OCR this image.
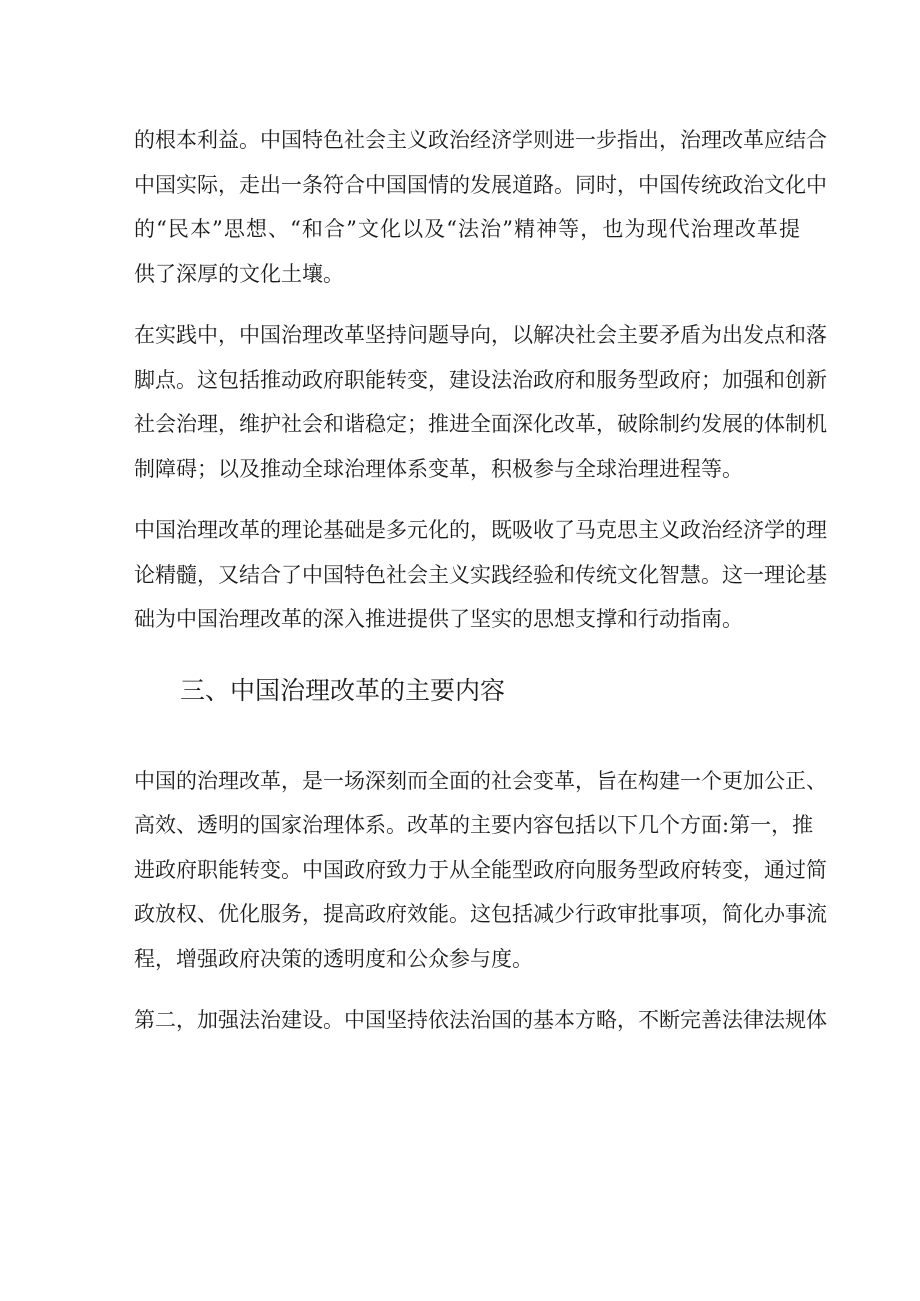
的根本利益。中国特色社会主义政治经济学则进一步指出，治理改革应结合
中国实际，走出一条符合中国国情的发展道路。同时，中国传统政治文化中
的“民本”思想、“和合”文化以及“法治”精神等，也为现代治理改革提
供了深厚的文化土壤。
在实践中，中国治理改革坚持问题导向，以解决社会主要矛盾为出发点和落
脚点。这包括推动政府职能转变，建设法治政府和服务型政府；加强和创新
社会治理，维护社会和谐稳定；推进全面深化改革，破除制约发展的体制机
制障碍；以及推动全球治理体系变革，积极参与全球治理进程等。
中国治理改革的理论基础是多元化的，既吸收了马克思主义政治经济学的理
论精髓，又结合了中国特色社会主义实践经验和传统文化智慧。这一理论基
础为中国治理改革的深入推进提供了坚实的思想支撑和行动指南。
三、中国治理改革的主要内容
中国的治理改革，是一场深刻而全面的社会变革，旨在构建一个更加公正、
高效、透明的国家治理体系。改革的主要内容包括以下几个方面:第一，推
进政府职能转变。中国政府致力于从全能型政府向服务型政府转变，通过简
政放权、优化服务，提高政府效能。这包括减少行政审批事项，简化办事流
程，增强政府决策的透明度和公众参与度。
第二，加强法治建设。中国坚持依法治国的基本方略，不断完善法律法规体
